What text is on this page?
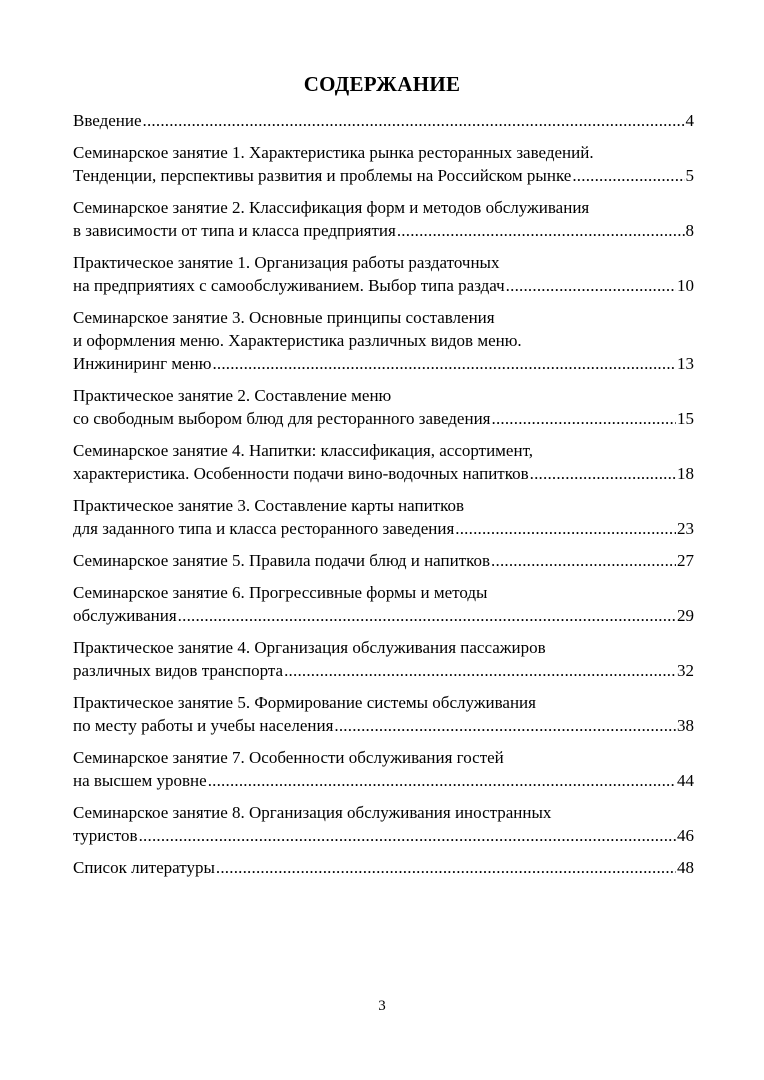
СОДЕРЖАНИЕ
Введение .....	4
Семинарское занятие 1. Характеристика рынка ресторанных заведений.
Тенденции, перспективы развития и проблемы на Российском рынке .....	5
Семинарское занятие 2. Классификация форм и методов обслуживания
в зависимости от типа и класса предприятия .....	8
Практическое занятие 1. Организация работы раздаточных
на предприятиях с самообслуживанием. Выбор типа раздач .....	10
Семинарское занятие 3. Основные принципы составления
и оформления меню. Характеристика различных видов меню.
Инжиниринг меню .....	13
Практическое занятие 2. Составление меню
со свободным выбором блюд для ресторанного заведения .....	15
Семинарское занятие 4. Напитки: классификация, ассортимент,
характеристика. Особенности подачи вино-водочных напитков .....	18
Практическое занятие 3. Составление карты напитков
для заданного типа и класса ресторанного заведения .....	23
Семинарское занятие 5. Правила подачи блюд и напитков .....	27
Семинарское занятие 6. Прогрессивные формы и методы
обслуживания .....	29
Практическое занятие 4. Организация обслуживания пассажиров
различных видов транспорта .....	32
Практическое занятие 5. Формирование системы обслуживания
по месту работы и учебы населения .....	38
Семинарское занятие 7. Особенности обслуживания гостей
на высшем уровне .....	44
Семинарское занятие 8. Организация обслуживания иностранных
туристов .....	46
Список литературы .....	48
3
